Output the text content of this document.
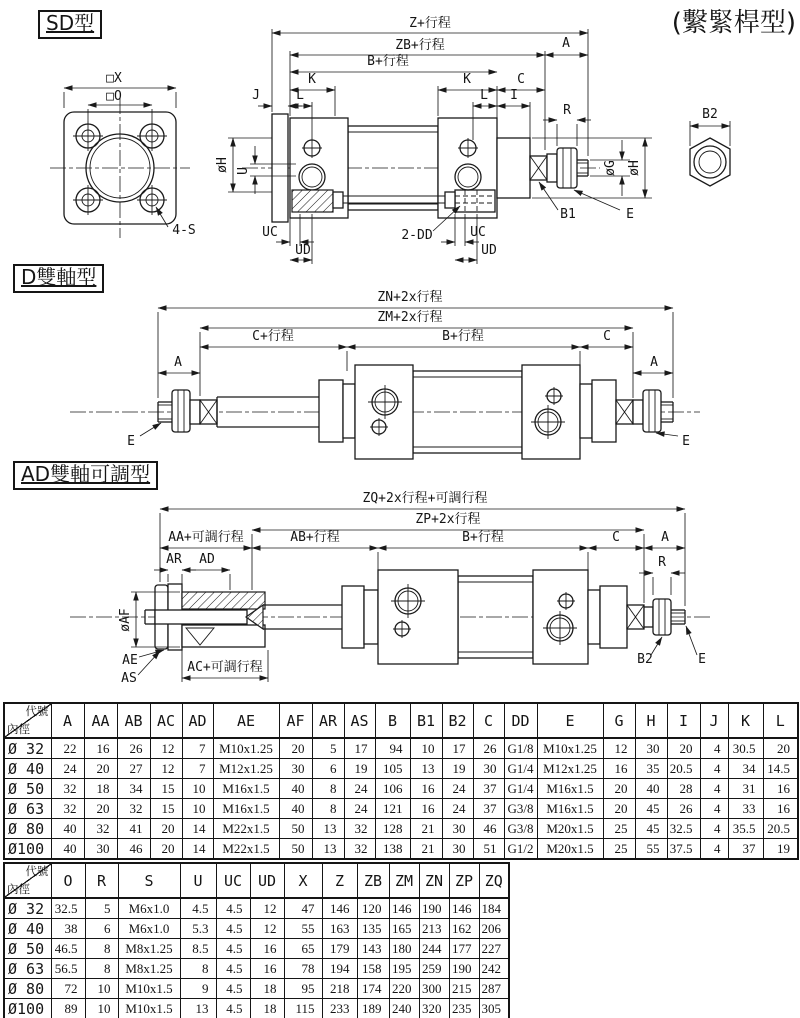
SD型	(繫緊桿型)
D雙軸型
AD雙軸可調型
□X
□O
4-S
Z+行程
ZB+行程	A
B+行程
K	K	C
J	L	L I
R
øH U	øG øH
UC
UD
UC
UD
2-DD
B1	E
B2
ZN+2x行程
ZM+2x行程
C+行程	B+行程	C
A	A
E	E
ZQ+2x行程+可調行程
ZP+2x行程
AA+可調行程	AB+行程	B+行程	C	A
AR AD
øAF
AC+可調行程
AE
AS
R
B2	E
代號
內徑	A	AA	AB	AC	AD	AE	AF	AR	AS	B	B1	B2	C	DD	E	G	H	I	J	K	L
Ø 32	22	16	26	12	7	M10x1.25	20	5	17	94	10	17	26	G1/8	M10x1.25	12	30	20	4	30.5	20
Ø 40	24	20	27	12	7	M12x1.25	30	6	19	105	13	19	30	G1/4	M12x1.25	16	35	20.5	4	34	14.5
Ø 50	32	18	34	15	10	M16x1.5	40	8	24	106	16	24	37	G1/4	M16x1.5	20	40	28	4	31	16
Ø 63	32	20	32	15	10	M16x1.5	40	8	24	121	16	24	37	G3/8	M16x1.5	20	45	26	4	33	16
Ø 80	40	32	41	20	14	M22x1.5	50	13	32	128	21	30	46	G3/8	M20x1.5	25	45	32.5	4	35.5	20.5
Ø100	40	30	46	20	14	M22x1.5	50	13	32	138	21	30	51	G1/2	M20x1.5	25	55	37.5	4	37	19
代號
內徑	O	R	S	U	UC	UD	X	Z	ZB	ZM	ZN	ZP	ZQ
Ø 32	32.5	5	M6x1.0	4.5	4.5	12	47	146	120	146	190	146	184
Ø 40	38	6	M6x1.0	5.3	4.5	12	55	163	135	165	213	162	206
Ø 50	46.5	8	M8x1.25	8.5	4.5	16	65	179	143	180	244	177	227
Ø 63	56.5	8	M8x1.25	8	4.5	16	78	194	158	195	259	190	242
Ø 80	72	10	M10x1.5	9	4.5	18	95	218	174	220	300	215	287
Ø100	89	10	M10x1.5	13	4.5	18	115	233	189	240	320	235	305
